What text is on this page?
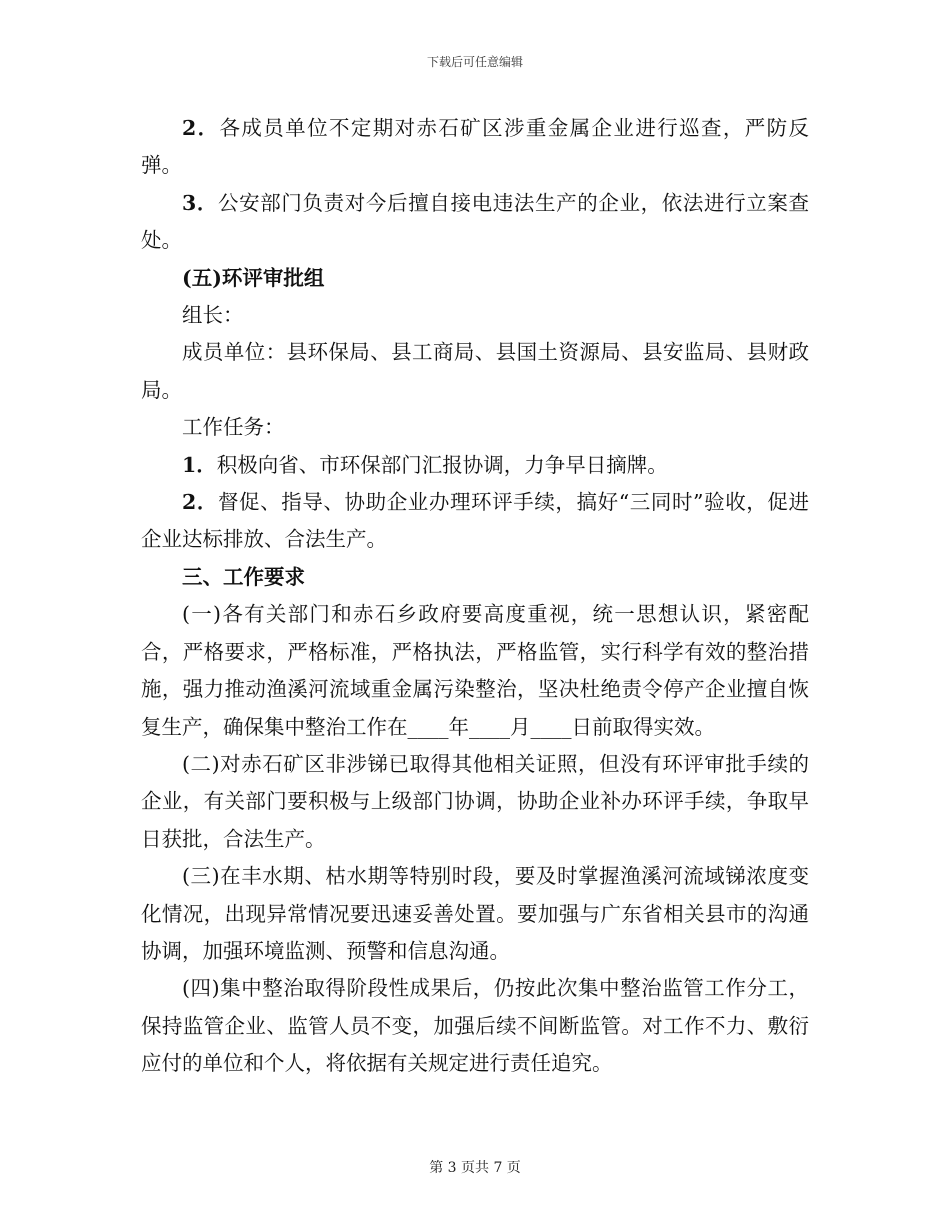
下载后可任意编辑

2．各成员单位不定期对赤石矿区涉重金属企业进行巡查，严防反弹。

3．公安部门负责对今后擅自接电违法生产的企业，依法进行立案查处。

(五)环评审批组

组长：

成员单位：县环保局、县工商局、县国土资源局、县安监局、县财政局。

工作任务：

1．积极向省、市环保部门汇报协调，力争早日摘牌。

2．督促、指导、协助企业办理环评手续，搞好“三同时”验收，促进企业达标排放、合法生产。

三、工作要求

(一)各有关部门和赤石乡政府要高度重视，统一思想认识，紧密配合，严格要求，严格标准，严格执法，严格监管，实行科学有效的整治措施，强力推动渔溪河流域重金属污染整治，坚决杜绝责令停产企业擅自恢复生产，确保集中整治工作在____年____月____日前取得实效。

(二)对赤石矿区非涉锑已取得其他相关证照，但没有环评审批手续的企业，有关部门要积极与上级部门协调，协助企业补办环评手续，争取早日获批，合法生产。

(三)在丰水期、枯水期等特别时段，要及时掌握渔溪河流域锑浓度变化情况，出现异常情况要迅速妥善处置。要加强与广东省相关县市的沟通协调，加强环境监测、预警和信息沟通。

(四)集中整治取得阶段性成果后，仍按此次集中整治监管工作分工，保持监管企业、监管人员不变，加强后续不间断监管。对工作不力、敷衍应付的单位和个人，将依据有关规定进行责任追究。

第 3 页共 7 页
